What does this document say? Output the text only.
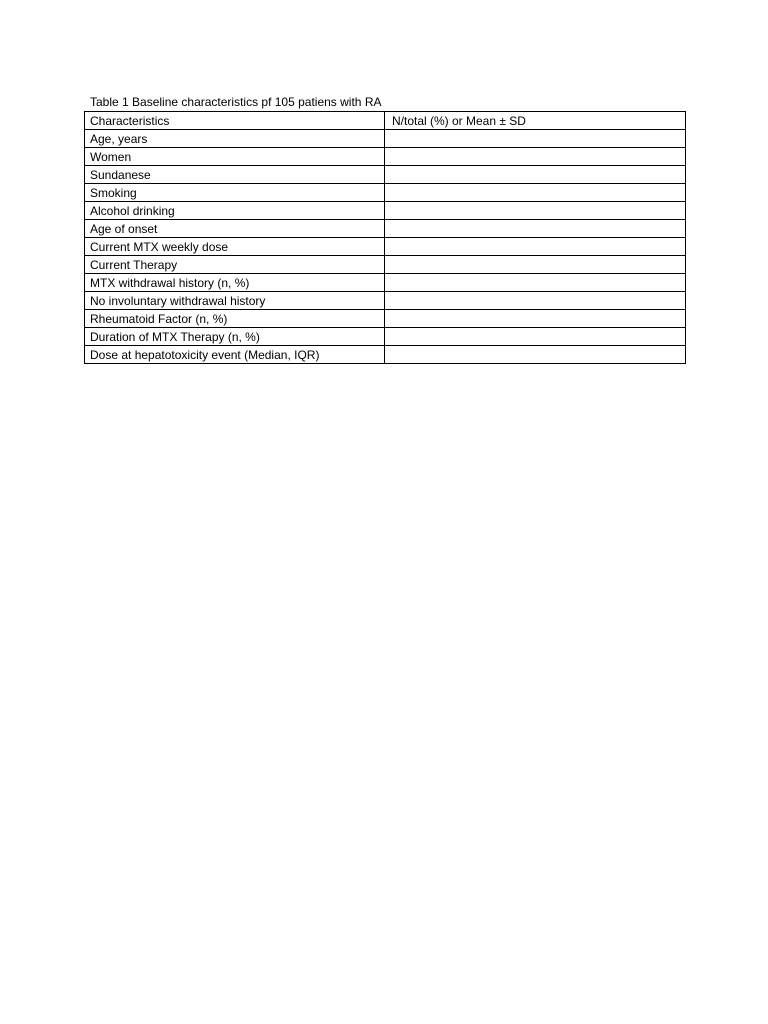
Table 1 Baseline characteristics pf 105 patiens with RA
Characteristics	N/total (%) or Mean ± SD
Age, years	
Women	
Sundanese	
Smoking	
Alcohol drinking	
Age of onset	
Current MTX weekly dose	
Current Therapy	
MTX withdrawal history (n, %)	
No involuntary withdrawal history	
Rheumatoid Factor (n, %)	
Duration of MTX Therapy (n, %)	
Dose at hepatotoxicity event (Median, IQR)	
